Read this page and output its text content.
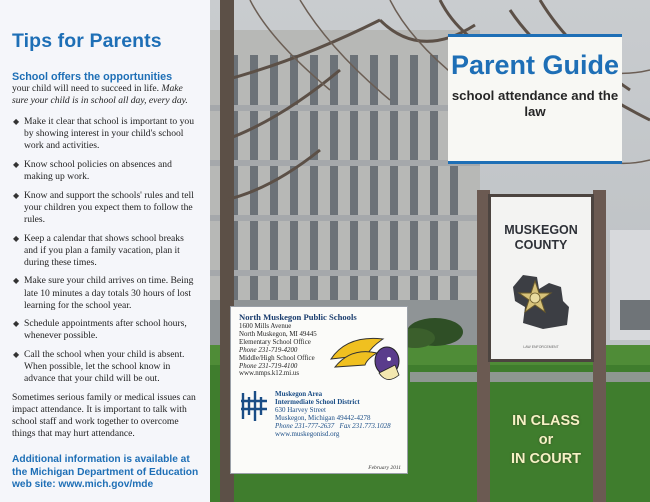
Tips for Parents
School offers the opportunities

your child will need to succeed in life. Make sure your child is in school all day, every day.

◆ Make it clear that school is important to you by showing interest in your child's school work and activities.
◆ Know school policies on absences and making up work.
◆ Know and support the schools' rules and tell your children you expect them to follow the rules.
◆ Keep a calendar that shows school breaks and if you plan a family vacation, plan it during these times.
◆ Make sure your child arrives on time. Being late 10 minutes a day totals 30 hours of lost learning for the school year.
◆ Schedule appointments after school hours, whenever possible.
◆ Call the school when your child is absent. When possible, let the school know in advance that your child will be out.

Sometimes serious family or medical issues can impact attendance. It is important to talk with school staff and work together to overcome things that may hurt attendance.

Additional information is available at the Michigan Department of Education web site: www.mich.gov/mde

Parent Guide
school attendance and the law
MUSKEGON
COUNTY
LAW ENFORCEMENT
IN CLASS
or
IN COURT
North Muskegon Public Schools
1600 Mills Avenue
North Muskegon, MI 49445
Elementary School Office
Phone 231-719-4200
Middle/High School Office
Phone 231-719-4100
www.nmps.k12.mi.us
Muskegon Area
Intermediate School District
630 Harvey Street
Muskegon, Michigan 49442-4278
Phone 231-777-2637 Fax 231.773.1028
www.muskegonisd.org
February 2011
